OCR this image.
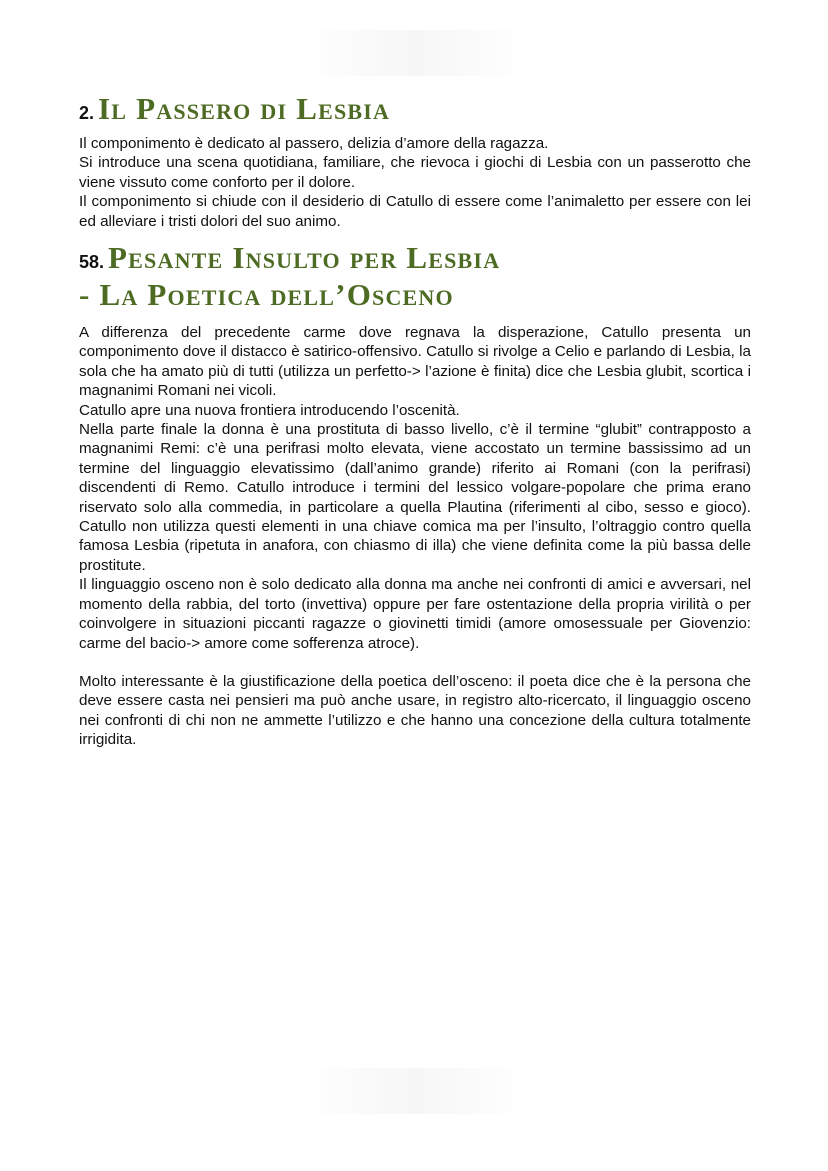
2. Il Passero di Lesbia

Il componimento è dedicato al passero, delizia d’amore della ragazza.

Si introduce una scena quotidiana, familiare, che rievoca i giochi di Lesbia con un passerotto che viene vissuto come conforto per il dolore.

Il componimento si chiude con il desiderio di Catullo di essere come l’animaletto per essere con lei ed alleviare i tristi dolori del suo animo.

58. Pesante Insulto per Lesbia
- La Poetica dell’Osceno

A differenza del precedente carme dove regnava la disperazione, Catullo presenta un componimento dove il distacco è satirico-offensivo. Catullo si rivolge a Celio e parlando di Lesbia, la sola che ha amato più di tutti (utilizza un perfetto-> l’azione è finita) dice che Lesbia glubit, scortica i magnanimi Romani nei vicoli.

Catullo apre una nuova frontiera introducendo l’oscenità.

Nella parte finale la donna è una prostituta di basso livello, c’è il termine “glubit” contrapposto a magnanimi Remi: c’è una perifrasi molto elevata, viene accostato un termine bassissimo ad un termine del linguaggio elevatissimo (dall’animo grande) riferito ai Romani (con la perifrasi) discendenti di Remo. Catullo introduce i termini del lessico volgare-popolare che prima erano riservato solo alla commedia, in particolare a quella Plautina (riferimenti al cibo, sesso e gioco). Catullo non utilizza questi elementi in una chiave comica ma per l’insulto, l’oltraggio contro quella famosa Lesbia (ripetuta in anafora, con chiasmo di illa) che viene definita come la più bassa delle prostitute.

Il linguaggio osceno non è solo dedicato alla donna ma anche nei confronti di amici e avversari, nel momento della rabbia, del torto (invettiva) oppure per fare ostentazione della propria virilità o per coinvolgere in situazioni piccanti ragazze o giovinetti timidi (amore omosessuale per Giovenzio: carme del bacio-> amore come sofferenza atroce).

Molto interessante è la giustificazione della poetica dell’osceno: il poeta dice che è la persona che deve essere casta nei pensieri ma può anche usare, in registro alto-ricercato, il linguaggio osceno nei confronti di chi non ne ammette l’utilizzo e che hanno una concezione della cultura totalmente irrigidita.
